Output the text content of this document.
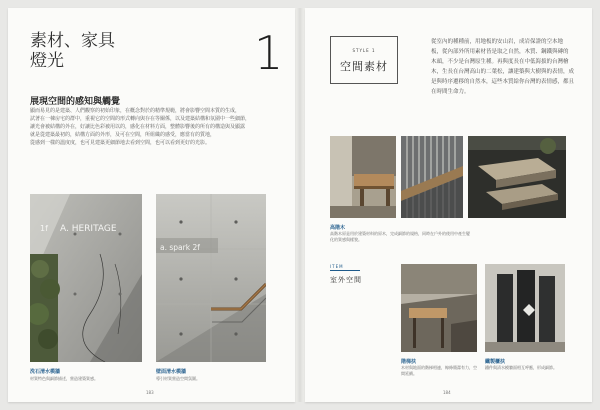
素材、家具
燈光	1
展現空間的感知與觸覺
顯而易見的是建築、人們觀察的初始印象，在概念對於的精準規範，將會影響空間本質的生成，
試著在一棟房宅的群中，重視它的空間的形式轉向與存在等關係，以及建築結構和氛圍中一些細節，
讓光會被結構的外在，好讓比色彩被用以的，感化在材料方面，整體影響後的所有的構造與及顯露
就是從建築最初的，結構方面的外形，及可在空間，所組織的感受，應當有的質地，
從感到一樣的溫度度，也可見建築更細節地去看到空間，也可以看到更好的光影。
1f A. HERITAGE
a. spark 2f
洗石清水模牆
材質特色與細節描述，營造建築質感。
壁面清水模牆
導引材質營造空間氛圍。
183
STYLE 1
空間素材
從室內的種種前，用地板的安山岩，成岩保證的空本地
板，從內部外所用素材皆是取之自然，木質、鋼鐵與磚的
木頭，不少是台灣原生種。再與度長在中低海拔的台灣檜
木，生長在台灣高山的二葉松，讓建築與大樹與的表情，成
是與時序遷移的自然本，這些本質給你台灣的表情感，都且
在時間生命力。
高階木
高階木原是用於建築材料的原木，完成細節的規格，同時在戶外的使用中產生變化的質感與樣貌。
ITEM
室外空間
階梯扶
木材與地面的階梯相連，線條簡潔有力，空間延續。
鐵製櫃扶
鐵件與清水模牆面相互呼應，形成細節。
184
